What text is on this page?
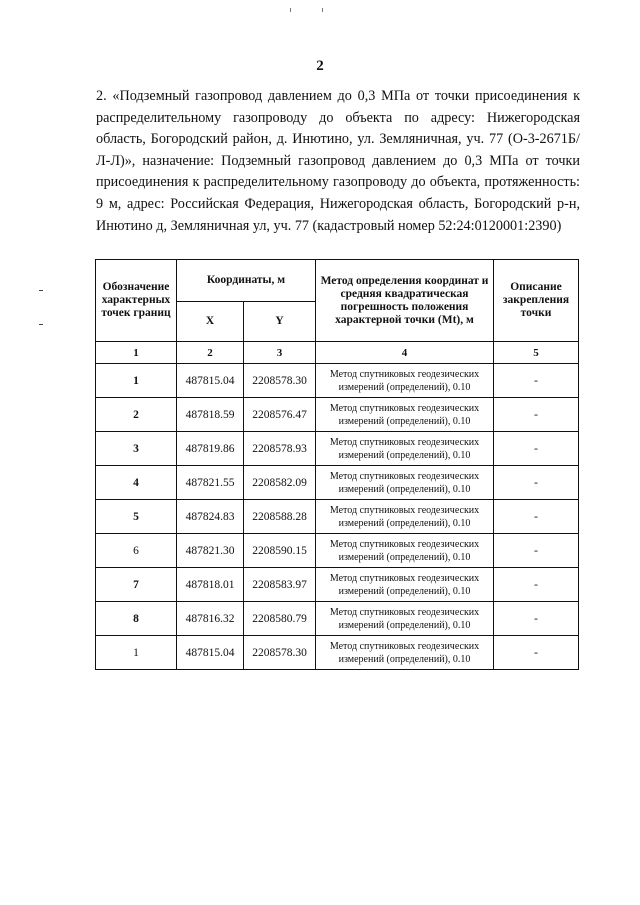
2
2. «Подземный газопровод давлением до 0,3 МПа от точки присоединения к распределительному газопроводу до объекта по адресу: Нижегородская область, Богородский район, д. Инютино, ул. Земляничная, уч. 77 (О-3-2671Б/Л-Л)», назначение: Подземный газопровод давлением до 0,3 МПа от точки присоединения к распределительному газопроводу до объекта, протяженность: 9 м, адрес: Российская Федерация, Нижегородская область, Богородский р-н, Инютино д, Земляничная ул, уч. 77 (кадастровый номер 52:24:0120001:2390)
Обозначение характерных точек границ	Координаты, м		Метод определения координат и средняя квадратическая погрешность положения характерной точки (Mt), м	Описание закрепления точки
	X	Y		
1	2	3	4	5
1	487815.04	2208578.30	Метод спутниковых геодезических измерений (определений), 0.10	-
2	487818.59	2208576.47	Метод спутниковых геодезических измерений (определений), 0.10	-
3	487819.86	2208578.93	Метод спутниковых геодезических измерений (определений), 0.10	-
4	487821.55	2208582.09	Метод спутниковых геодезических измерений (определений), 0.10	-
5	487824.83	2208588.28	Метод спутниковых геодезических измерений (определений), 0.10	-
6	487821.30	2208590.15	Метод спутниковых геодезических измерений (определений), 0.10	-
7	487818.01	2208583.97	Метод спутниковых геодезических измерений (определений), 0.10	-
8	487816.32	2208580.79	Метод спутниковых геодезических измерений (определений), 0.10	-
1	487815.04	2208578.30	Метод спутниковых геодезических измерений (определений), 0.10	-
